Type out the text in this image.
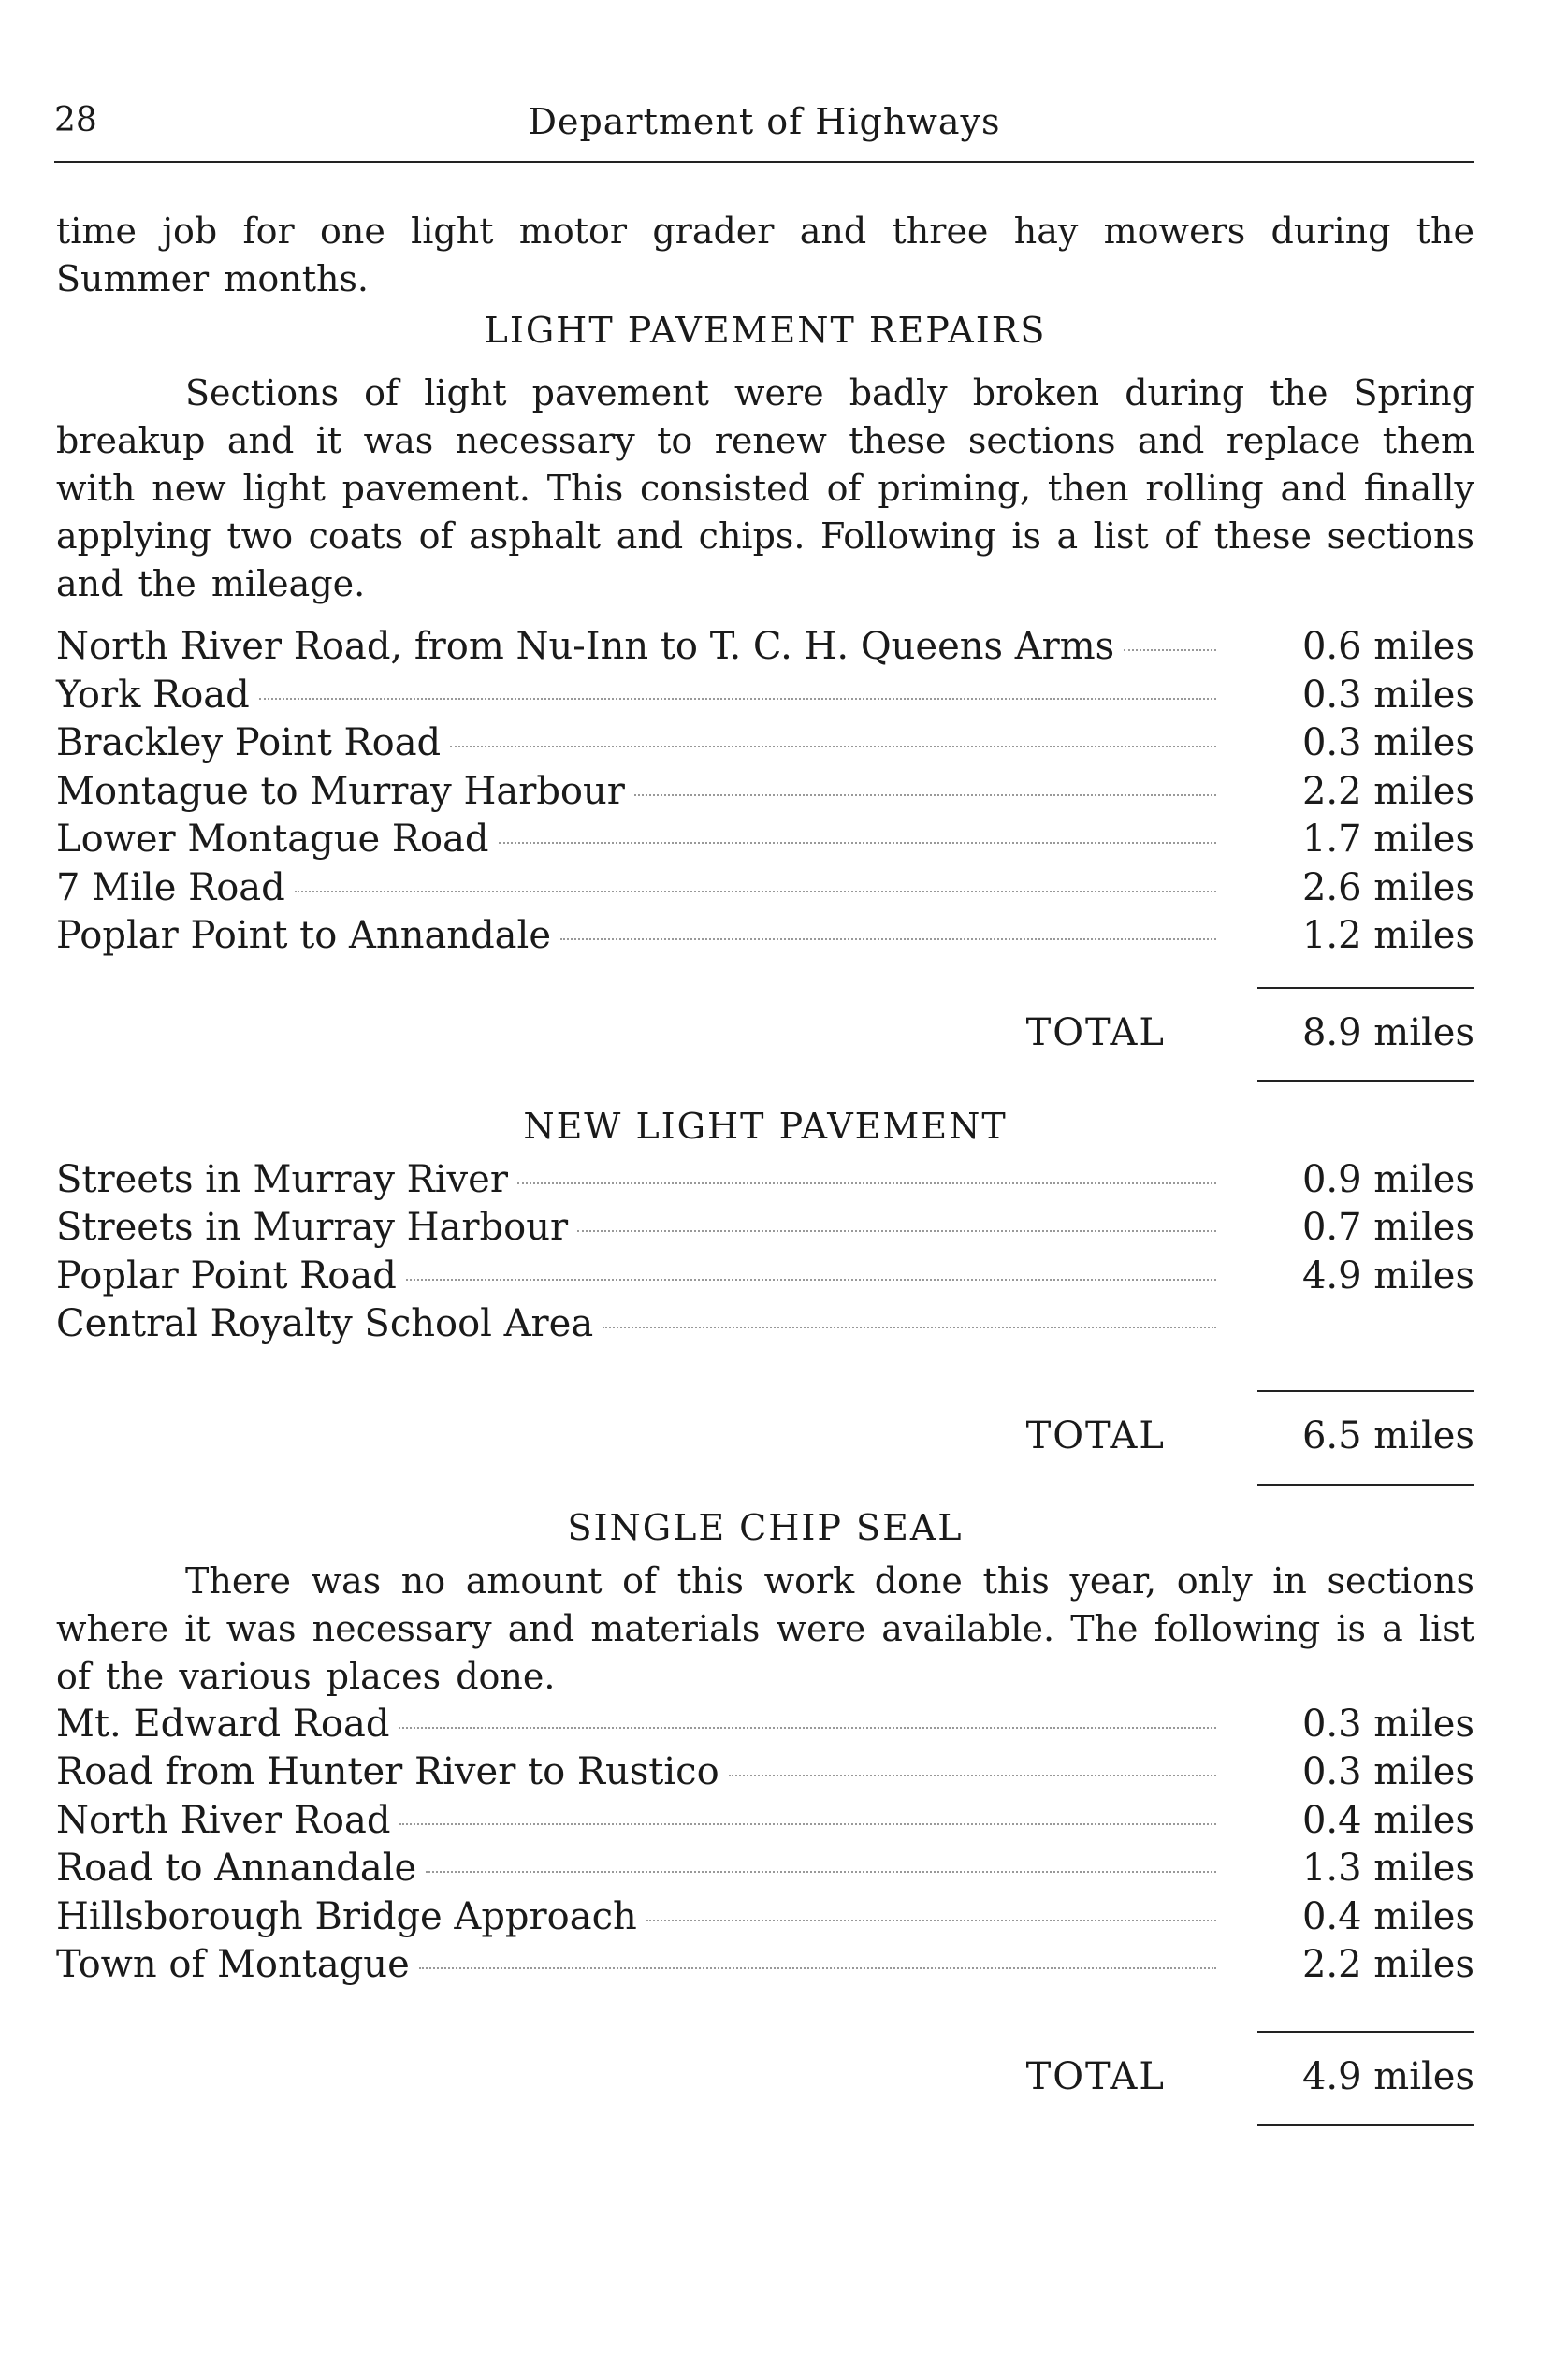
28	Department of Highways

time job for one light motor grader and three hay mowers during the Summer months.

LIGHT PAVEMENT REPAIRS

Sections of light pavement were badly broken during the Spring breakup and it was necessary to renew these sections and replace them with new light pavement. This consisted of priming, then rolling and finally applying two coats of asphalt and chips. Following is a list of these sections and the mileage.

North River Road, from Nu-Inn to T. C. H. Queens Arms	0.6 miles
York Road	0.3 miles
Brackley Point Road	0.3 miles
Montague to Murray Harbour	2.2 miles
Lower Montague Road	1.7 miles
7 Mile Road	2.6 miles
Poplar Point to Annandale	1.2 miles
TOTAL	8.9 miles

NEW LIGHT PAVEMENT

Streets in Murray River	0.9 miles
Streets in Murray Harbour	0.7 miles
Poplar Point Road	4.9 miles
Central Royalty School Area
TOTAL	6.5 miles

SINGLE CHIP SEAL

There was no amount of this work done this year, only in sections where it was necessary and materials were available. The following is a list of the various places done.

Mt. Edward Road	0.3 miles
Road from Hunter River to Rustico	0.3 miles
North River Road	0.4 miles
Road to Annandale	1.3 miles
Hillsborough Bridge Approach	0.4 miles
Town of Montague	2.2 miles
TOTAL	4.9 miles
